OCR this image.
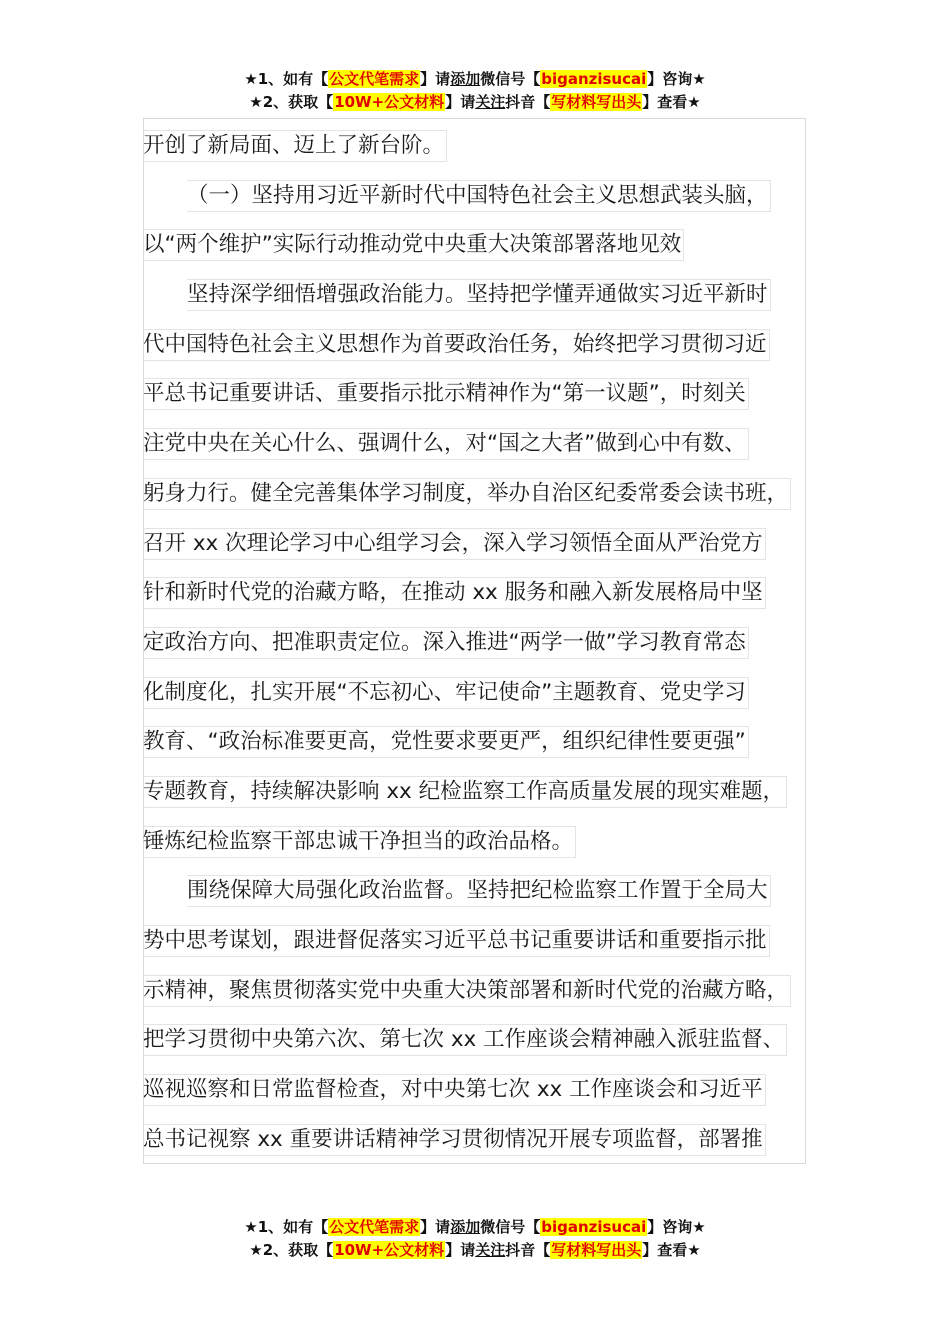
★1、如有【公文代笔需求】请添加微信号【biganzisucai】咨询★
★2、获取【10W+公文材料】请关注抖音【写材料写出头】查看★
开创了新局面、迈上了新台阶。
（一）坚持用习近平新时代中国特色社会主义思想武装头脑，
以“两个维护”实际行动推动党中央重大决策部署落地见效
坚持深学细悟增强政治能力。坚持把学懂弄通做实习近平新时
代中国特色社会主义思想作为首要政治任务，始终把学习贯彻习近
平总书记重要讲话、重要指示批示精神作为“第一议题”，时刻关
注党中央在关心什么、强调什么，对“国之大者”做到心中有数、
躬身力行。健全完善集体学习制度，举办自治区纪委常委会读书班，
召开 xx 次理论学习中心组学习会，深入学习领悟全面从严治党方
针和新时代党的治藏方略，在推动 xx 服务和融入新发展格局中坚
定政治方向、把准职责定位。深入推进“两学一做”学习教育常态
化制度化，扎实开展“不忘初心、牢记使命”主题教育、党史学习
教育、“政治标准要更高，党性要求要更严，组织纪律性要更强”
专题教育，持续解决影响 xx 纪检监察工作高质量发展的现实难题，
锤炼纪检监察干部忠诚干净担当的政治品格。
围绕保障大局强化政治监督。坚持把纪检监察工作置于全局大
势中思考谋划，跟进督促落实习近平总书记重要讲话和重要指示批
示精神，聚焦贯彻落实党中央重大决策部署和新时代党的治藏方略，
把学习贯彻中央第六次、第七次 xx 工作座谈会精神融入派驻监督、
巡视巡察和日常监督检查，对中央第七次 xx 工作座谈会和习近平
总书记视察 xx 重要讲话精神学习贯彻情况开展专项监督，部署推
★1、如有【公文代笔需求】请添加微信号【biganzisucai】咨询★
★2、获取【10W+公文材料】请关注抖音【写材料写出头】查看★
